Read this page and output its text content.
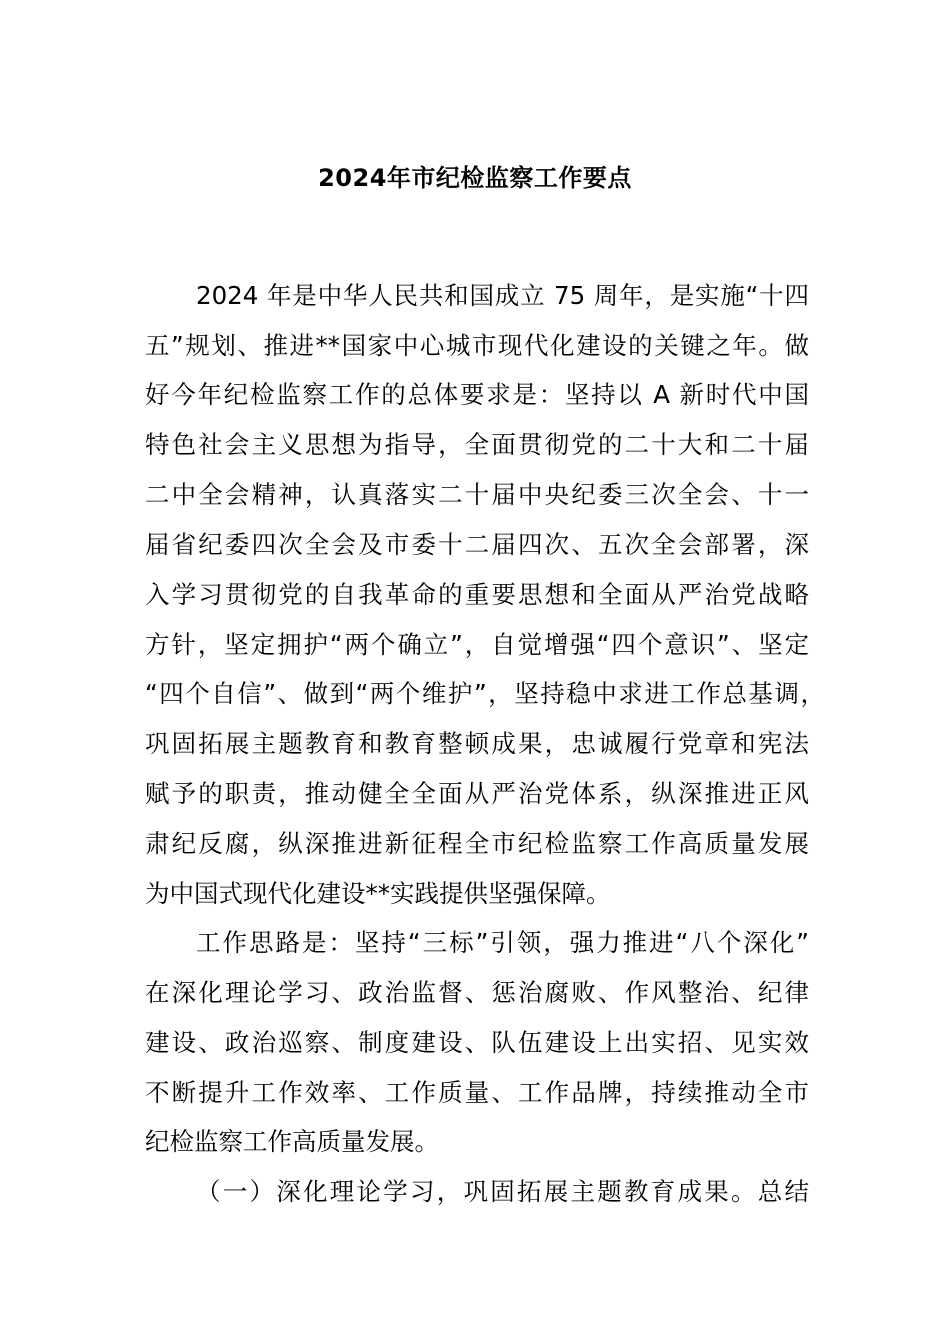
2024年市纪检监察工作要点

2024 年是中华人民共和国成立 75 周年，是实施“十四

五”规划、推进**国家中心城市现代化建设的关键之年。做

好今年纪检监察工作的总体要求是：坚持以 A 新时代中国

特色社会主义思想为指导，全面贯彻党的二十大和二十届

二中全会精神，认真落实二十届中央纪委三次全会、十一

届省纪委四次全会及市委十二届四次、五次全会部署，深

入学习贯彻党的自我革命的重要思想和全面从严治党战略

方针，坚定拥护“两个确立”，自觉增强“四个意识”、坚定

“四个自信”、做到“两个维护”，坚持稳中求进工作总基调，

巩固拓展主题教育和教育整顿成果，忠诚履行党章和宪法

赋予的职责，推动健全全面从严治党体系，纵深推进正风

肃纪反腐，纵深推进新征程全市纪检监察工作高质量发展

为中国式现代化建设**实践提供坚强保障。

工作思路是：坚持“三标”引领，强力推进“八个深化”

在深化理论学习、政治监督、惩治腐败、作风整治、纪律

建设、政治巡察、制度建设、队伍建设上出实招、见实效

不断提升工作效率、工作质量、工作品牌，持续推动全市

纪检监察工作高质量发展。

（一）深化理论学习，巩固拓展主题教育成果。总结
